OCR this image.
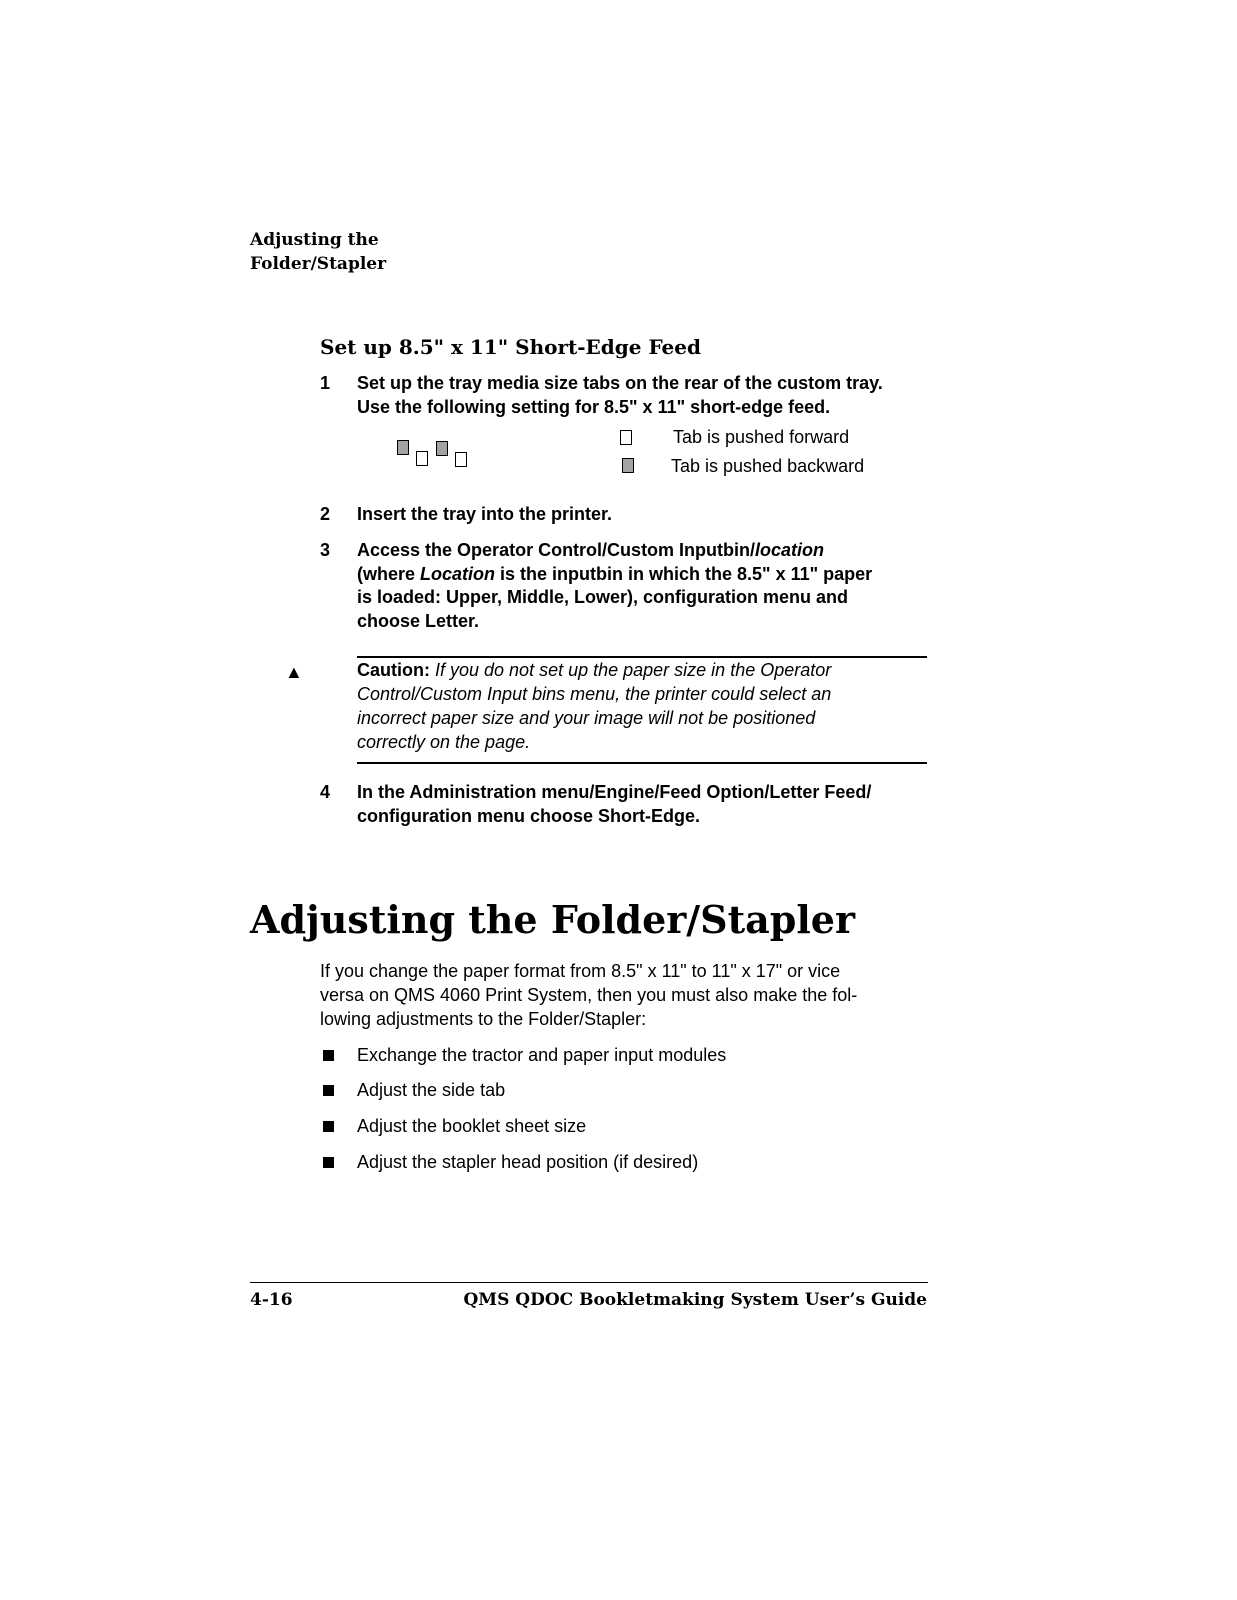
Adjusting the
Folder/Stapler
Set up 8.5" x 11" Short-Edge Feed
1	Set up the tray media size tabs on the rear of the custom tray.
Use the following setting for 8.5" x 11" short-edge feed.
Tab is pushed forward
Tab is pushed backward
2	Insert the tray into the printer.
3	Access the Operator Control/Custom Inputbin/location
(where Location is the inputbin in which the 8.5" x 11" paper
is loaded: Upper, Middle, Lower), configuration menu and
choose Letter.
▲	Caution: If you do not set up the paper size in the Operator
Control/Custom Input bins menu, the printer could select an
incorrect paper size and your image will not be positioned
correctly on the page.
4	In the Administration menu/Engine/Feed Option/Letter Feed/
configuration menu choose Short-Edge.
Adjusting the Folder/Stapler
If you change the paper format from 8.5" x 11" to 11" x 17" or vice
versa on QMS 4060 Print System, then you must also make the fol-
lowing adjustments to the Folder/Stapler:
Exchange the tractor and paper input modules
Adjust the side tab
Adjust the booklet sheet size
Adjust the stapler head position (if desired)
4-16	QMS QDOC Bookletmaking System User’s Guide
